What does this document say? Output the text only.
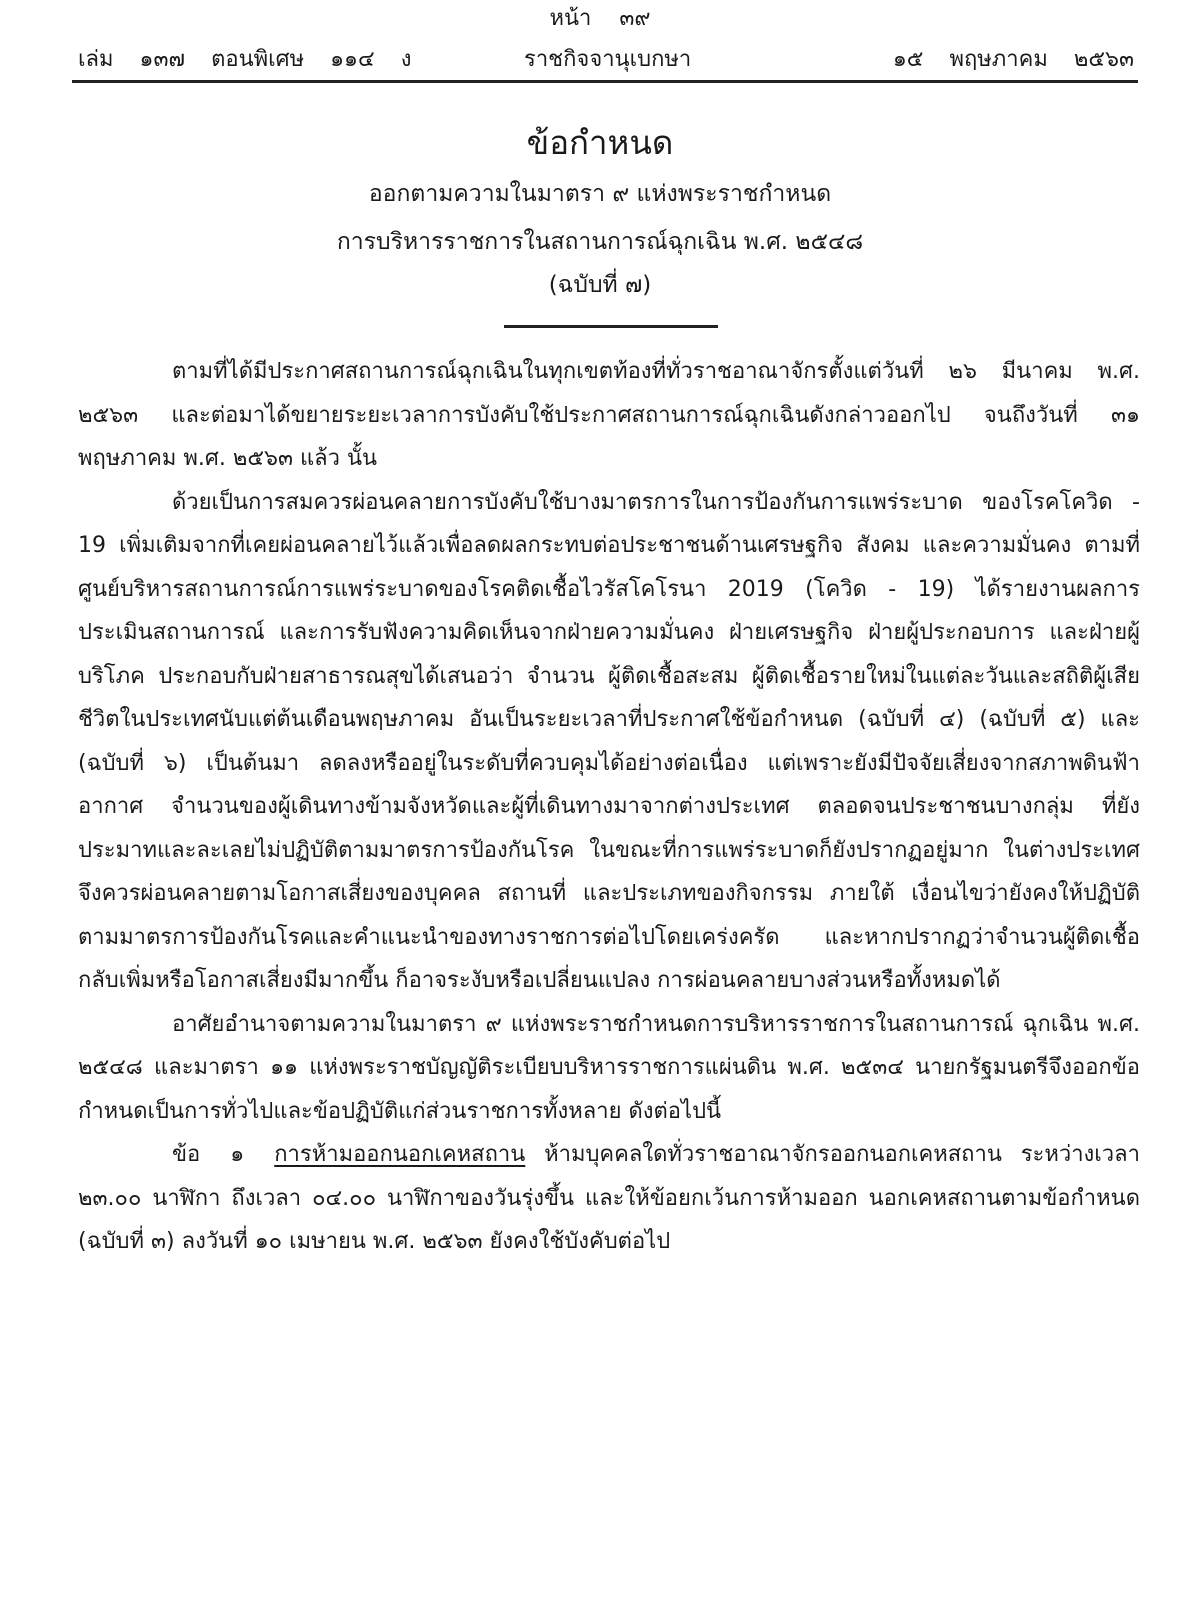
หน้า ๓๙
เล่ม ๑๓๗ ตอนพิเศษ ๑๑๔ ง	ราชกิจจานุเบกษา	๑๕ พฤษภาคม ๒๕๖๓
ข้อกำหนด
ออกตามความในมาตรา ๙ แห่งพระราชกำหนด
การบริหารราชการในสถานการณ์ฉุกเฉิน พ.ศ. ๒๕๔๘
(ฉบับที่ ๗)

ตามที่ได้มีประกาศสถานการณ์ฉุกเฉินในทุกเขตท้องที่ทั่วราชอาณาจักรตั้งแต่วันที่ ๒๖ มีนาคม พ.ศ. ๒๕๖๓ และต่อมาได้ขยายระยะเวลาการบังคับใช้ประกาศสถานการณ์ฉุกเฉินดังกล่าวออกไป จนถึงวันที่ ๓๑ พฤษภาคม พ.ศ. ๒๕๖๓ แล้ว นั้น

ด้วยเป็นการสมควรผ่อนคลายการบังคับใช้บางมาตรการในการป้องกันการแพร่ระบาด ของโรคโควิด - 19 เพิ่มเติมจากที่เคยผ่อนคลายไว้แล้วเพื่อลดผลกระทบต่อประชาชนด้านเศรษฐกิจ สังคม และความมั่นคง ตามที่ศูนย์บริหารสถานการณ์การแพร่ระบาดของโรคติดเชื้อไวรัสโคโรนา 2019 (โควิด - 19) ได้รายงานผลการประเมินสถานการณ์ และการรับฟังความคิดเห็นจากฝ่ายความมั่นคง ฝ่ายเศรษฐกิจ ฝ่ายผู้ประกอบการ และฝ่ายผู้บริโภค ประกอบกับฝ่ายสาธารณสุขได้เสนอว่า จำนวน ผู้ติดเชื้อสะสม ผู้ติดเชื้อรายใหม่ในแต่ละวันและสถิติผู้เสียชีวิตในประเทศนับแต่ต้นเดือนพฤษภาคม อันเป็นระยะเวลาที่ประกาศใช้ข้อกำหนด (ฉบับที่ ๔) (ฉบับที่ ๕) และ (ฉบับที่ ๖) เป็นต้นมา ลดลงหรืออยู่ในระดับที่ควบคุมได้อย่างต่อเนื่อง แต่เพราะยังมีปัจจัยเสี่ยงจากสภาพดินฟ้าอากาศ จำนวนของผู้เดินทางข้ามจังหวัดและผู้ที่เดินทางมาจากต่างประเทศ ตลอดจนประชาชนบางกลุ่ม ที่ยังประมาทและละเลยไม่ปฏิบัติตามมาตรการป้องกันโรค ในขณะที่การแพร่ระบาดก็ยังปรากฏอยู่มาก ในต่างประเทศ จึงควรผ่อนคลายตามโอกาสเสี่ยงของบุคคล สถานที่ และประเภทของกิจกรรม ภายใต้ เงื่อนไขว่ายังคงให้ปฏิบัติตามมาตรการป้องกันโรคและคำแนะนำของทางราชการต่อไปโดยเคร่งครัด และหากปรากฏว่าจำนวนผู้ติดเชื้อกลับเพิ่มหรือโอกาสเสี่ยงมีมากขึ้น ก็อาจระงับหรือเปลี่ยนแปลง การผ่อนคลายบางส่วนหรือทั้งหมดได้

อาศัยอำนาจตามความในมาตรา ๙ แห่งพระราชกำหนดการบริหารราชการในสถานการณ์ ฉุกเฉิน พ.ศ. ๒๕๔๘ และมาตรา ๑๑ แห่งพระราชบัญญัติระเบียบบริหารราชการแผ่นดิน พ.ศ. ๒๕๓๔ นายกรัฐมนตรีจึงออกข้อกำหนดเป็นการทั่วไปและข้อปฏิบัติแก่ส่วนราชการทั้งหลาย ดังต่อไปนี้

ข้อ ๑ การห้ามออกนอกเคหสถาน ห้ามบุคคลใดทั่วราชอาณาจักรออกนอกเคหสถาน ระหว่างเวลา ๒๓.๐๐ นาฬิกา ถึงเวลา ๐๔.๐๐ นาฬิกาของวันรุ่งขึ้น และให้ข้อยกเว้นการห้ามออก นอกเคหสถานตามข้อกำหนด (ฉบับที่ ๓) ลงวันที่ ๑๐ เมษายน พ.ศ. ๒๕๖๓ ยังคงใช้บังคับต่อไป
